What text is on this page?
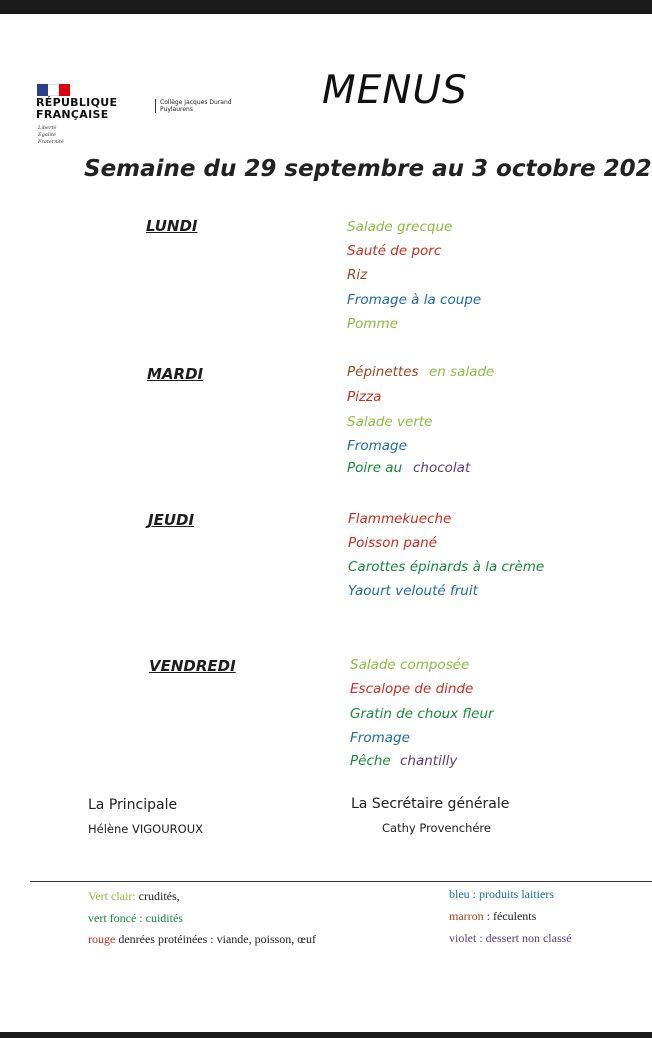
RÉPUBLIQUE
FRANÇAISE
Liberté
Égalité
Fraternité
Collège Jacques Durand
Puylaurens	MENUS
Semaine du 29 septembre au 3 octobre 202
LUNDI	Salade grecque
Sauté de porc
Riz
Fromage à la coupe
Pomme
MARDI	Pépinettes en salade
Pizza
Salade verte
Fromage
Poire au chocolat
JEUDI	Flammekueche
Poisson pané
Carottes épinards à la crème
Yaourt velouté fruit
VENDREDI	Salade composée
Escalope de dinde
Gratin de choux fleur
Fromage
Pêche chantilly
La Principale
Hélène VIGOUROUX
La Secrétaire générale
Cathy Provenchére
Vert clair: crudités,
vert foncé : cuidités
rouge denrées protéinées : viande, poisson, œuf
bleu : produits laitiers
marron : féculents
violet : dessert non classé
